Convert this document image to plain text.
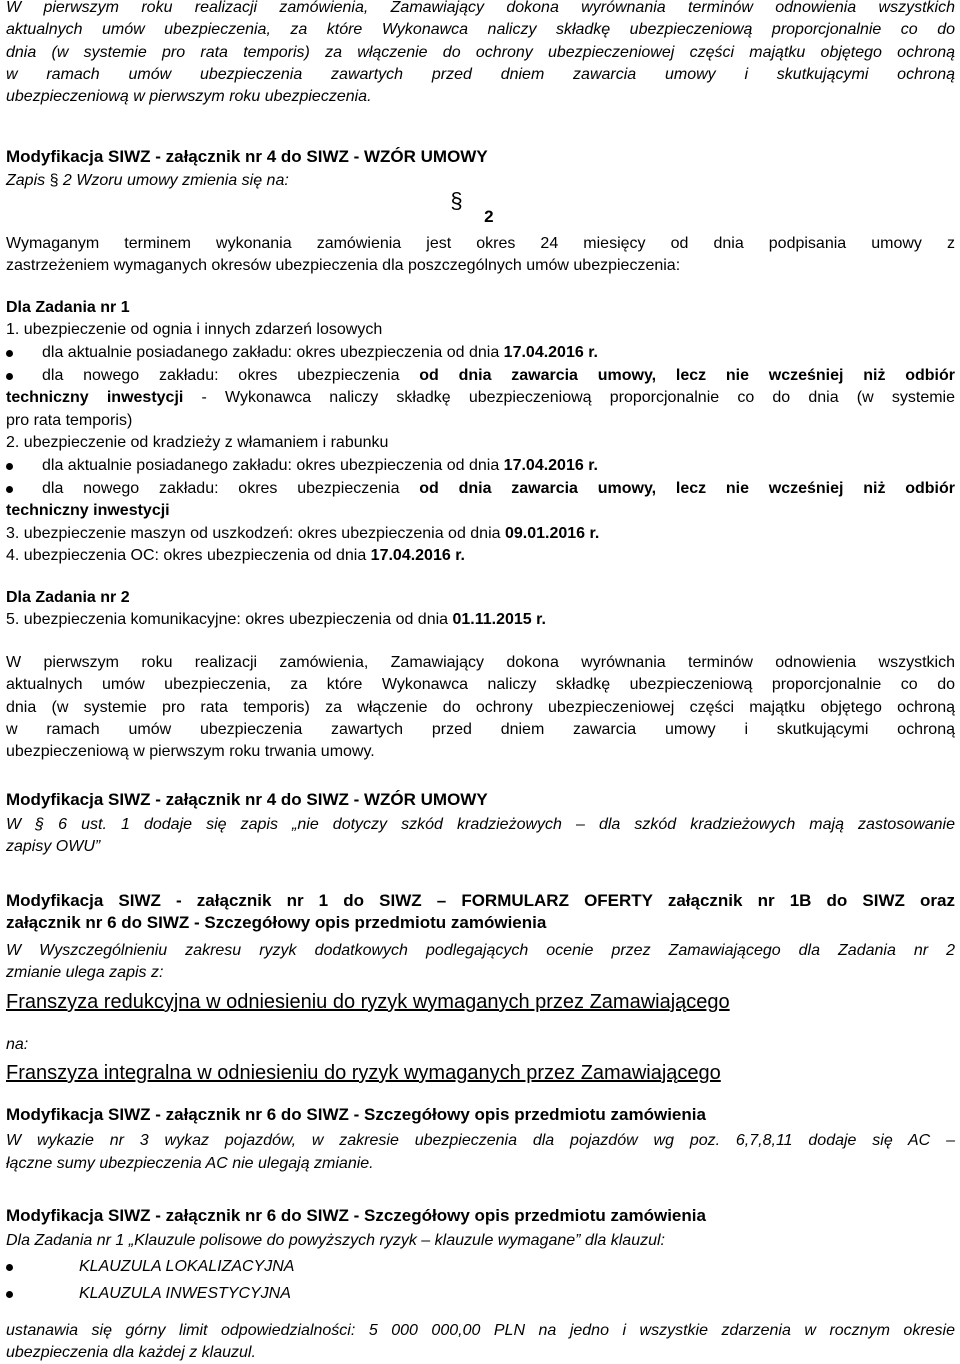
W pierwszym roku realizacji zamówienia, Zamawiający dokona wyrównania terminów odnowienia wszystkich

aktualnych umów ubezpieczenia, za które Wykonawca naliczy składkę ubezpieczeniową proporcjonalnie co do

dnia (w systemie pro rata temporis) za włączenie do ochrony ubezpieczeniowej części majątku objętego ochroną

w ramach umów ubezpieczenia zawartych przed dniem zawarcia umowy i skutkującymi ochroną

ubezpieczeniową w pierwszym roku ubezpieczenia.

Modyfikacja SIWZ - załącznik nr 4 do SIWZ - WZÓR UMOWY

Zapis § 2 Wzoru umowy zmienia się na:

§ 2

Wymaganym terminem wykonania zamówienia jest okres 24 miesięcy od dnia podpisania umowy z

zastrzeżeniem wymaganych okresów ubezpieczenia dla poszczególnych umów ubezpieczenia:

Dla Zadania nr 1

1. ubezpieczenie od ognia i innych zdarzeń losowych

dla aktualnie posiadanego zakładu: okres ubezpieczenia od dnia 17.04.2016 r.

dla nowego zakładu: okres ubezpieczenia od dnia zawarcia umowy, lecz nie wcześniej niż odbiór

techniczny inwestycji - Wykonawca naliczy składkę ubezpieczeniową proporcjonalnie co do dnia (w systemie

pro rata temporis)

2. ubezpieczenie od kradzieży z włamaniem i rabunku

dla aktualnie posiadanego zakładu: okres ubezpieczenia od dnia 17.04.2016 r.

dla nowego zakładu: okres ubezpieczenia od dnia zawarcia umowy, lecz nie wcześniej niż odbiór

techniczny inwestycji

3. ubezpieczenie maszyn od uszkodzeń: okres ubezpieczenia od dnia 09.01.2016 r.

4. ubezpieczenia OC: okres ubezpieczenia od dnia 17.04.2016 r.

Dla Zadania nr 2

5. ubezpieczenia komunikacyjne: okres ubezpieczenia od dnia 01.11.2015 r.

W pierwszym roku realizacji zamówienia, Zamawiający dokona wyrównania terminów odnowienia wszystkich

aktualnych umów ubezpieczenia, za które Wykonawca naliczy składkę ubezpieczeniową proporcjonalnie co do

dnia (w systemie pro rata temporis) za włączenie do ochrony ubezpieczeniowej części majątku objętego ochroną

w ramach umów ubezpieczenia zawartych przed dniem zawarcia umowy i skutkującymi ochroną

ubezpieczeniową w pierwszym roku trwania umowy.

Modyfikacja SIWZ - załącznik nr 4 do SIWZ - WZÓR UMOWY

W § 6 ust. 1 dodaje się zapis „nie dotyczy szkód kradzieżowych – dla szkód kradzieżowych mają zastosowanie

zapisy OWU”

Modyfikacja SIWZ - załącznik nr 1 do SIWZ – FORMULARZ OFERTY załącznik nr 1B do SIWZ oraz

załącznik nr 6 do SIWZ - Szczegółowy opis przedmiotu zamówienia

W Wyszczególnieniu zakresu ryzyk dodatkowych podlegających ocenie przez Zamawiającego dla Zadania nr 2

zmianie ulega zapis z:

Franszyza redukcyjna w odniesieniu do ryzyk wymaganych przez Zamawiającego

na:

Franszyza integralna w odniesieniu do ryzyk wymaganych przez Zamawiającego

Modyfikacja SIWZ - załącznik nr 6 do SIWZ - Szczegółowy opis przedmiotu zamówienia

W wykazie nr 3 wykaz pojazdów, w zakresie ubezpieczenia dla pojazdów wg poz. 6,7,8,11 dodaje się AC –

łączne sumy ubezpieczenia AC nie ulegają zmianie.

Modyfikacja SIWZ - załącznik nr 6 do SIWZ - Szczegółowy opis przedmiotu zamówienia

Dla Zadania nr 1 „Klauzule polisowe do powyższych ryzyk – klauzule wymagane” dla klauzul:

KLAUZULA LOKALIZACYJNA

KLAUZULA INWESTYCYJNA

ustanawia się górny limit odpowiedzialności: 5 000 000,00 PLN na jedno i wszystkie zdarzenia w rocznym okresie

ubezpieczenia dla każdej z klauzul.
